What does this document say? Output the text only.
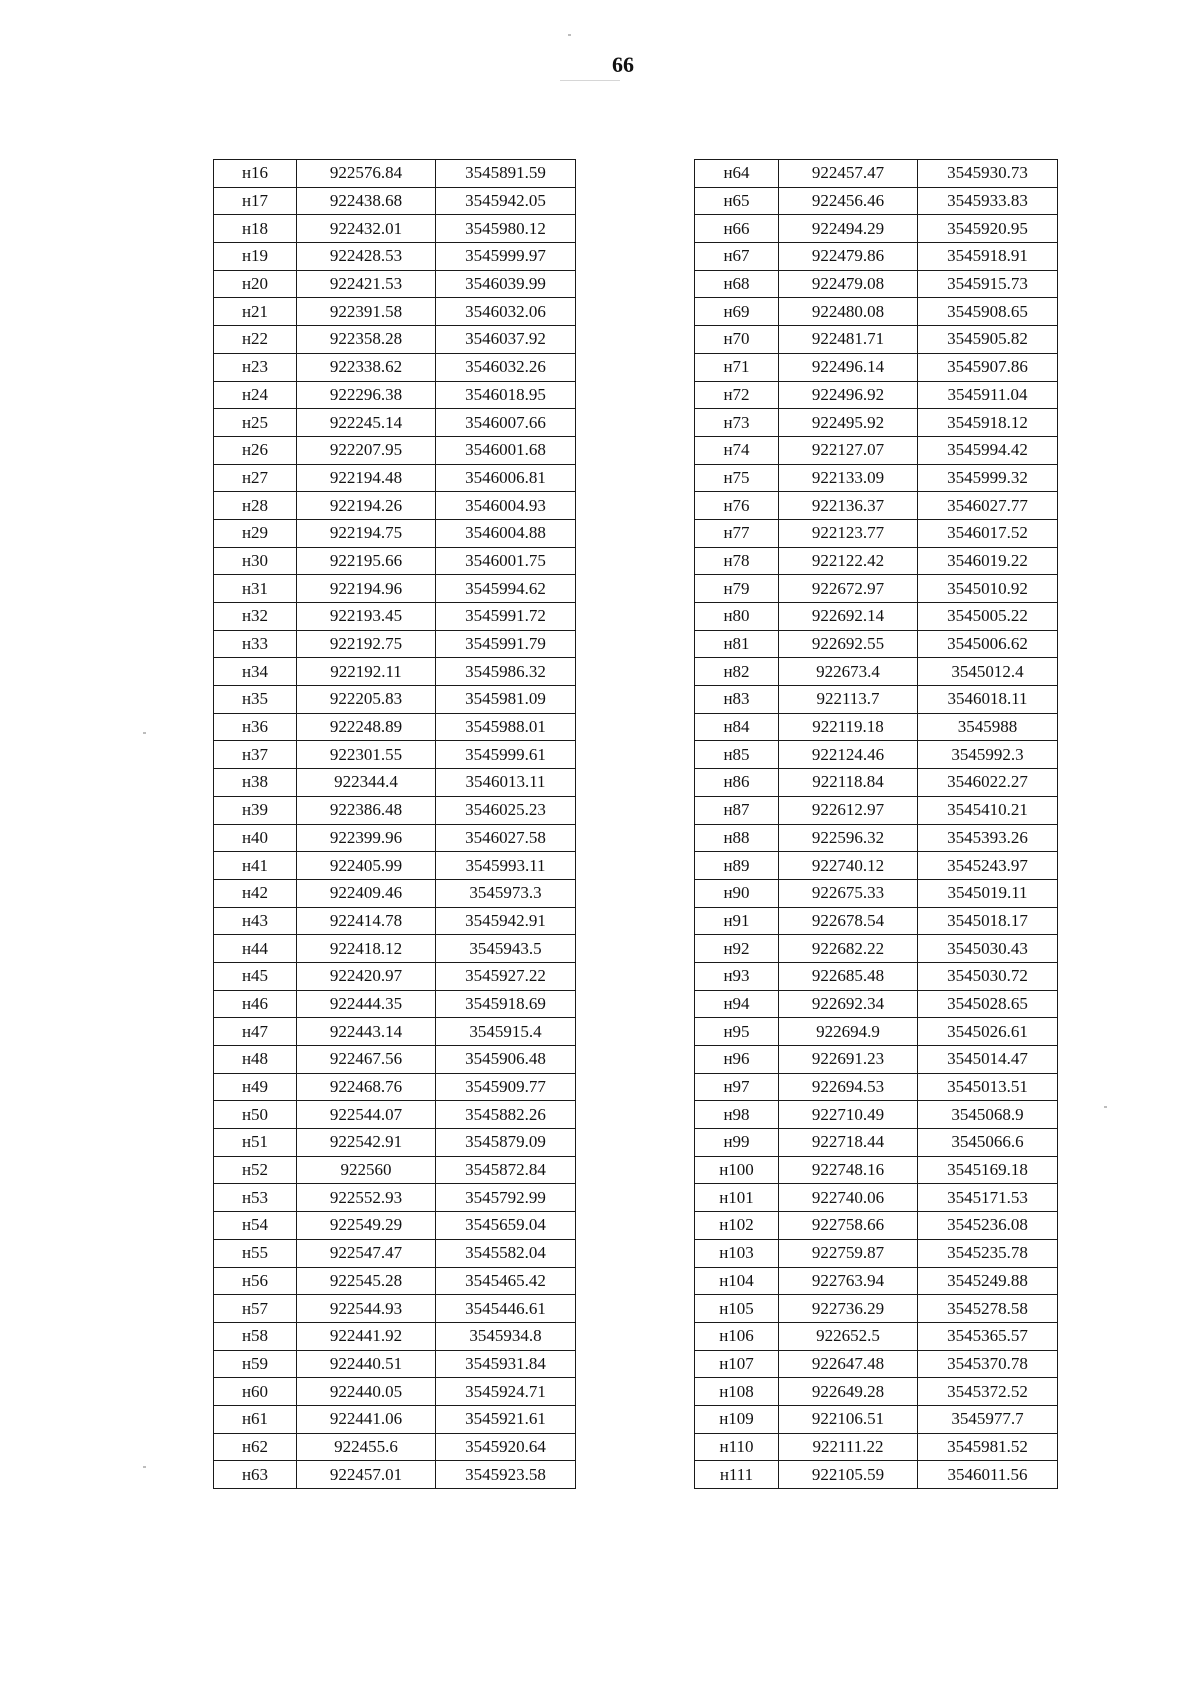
66
н16	922576.84	3545891.59
н17	922438.68	3545942.05
н18	922432.01	3545980.12
н19	922428.53	3545999.97
н20	922421.53	3546039.99
н21	922391.58	3546032.06
н22	922358.28	3546037.92
н23	922338.62	3546032.26
н24	922296.38	3546018.95
н25	922245.14	3546007.66
н26	922207.95	3546001.68
н27	922194.48	3546006.81
н28	922194.26	3546004.93
н29	922194.75	3546004.88
н30	922195.66	3546001.75
н31	922194.96	3545994.62
н32	922193.45	3545991.72
н33	922192.75	3545991.79
н34	922192.11	3545986.32
н35	922205.83	3545981.09
н36	922248.89	3545988.01
н37	922301.55	3545999.61
н38	922344.4	3546013.11
н39	922386.48	3546025.23
н40	922399.96	3546027.58
н41	922405.99	3545993.11
н42	922409.46	3545973.3
н43	922414.78	3545942.91
н44	922418.12	3545943.5
н45	922420.97	3545927.22
н46	922444.35	3545918.69
н47	922443.14	3545915.4
н48	922467.56	3545906.48
н49	922468.76	3545909.77
н50	922544.07	3545882.26
н51	922542.91	3545879.09
н52	922560	3545872.84
н53	922552.93	3545792.99
н54	922549.29	3545659.04
н55	922547.47	3545582.04
н56	922545.28	3545465.42
н57	922544.93	3545446.61
н58	922441.92	3545934.8
н59	922440.51	3545931.84
н60	922440.05	3545924.71
н61	922441.06	3545921.61
н62	922455.6	3545920.64
н63	922457.01	3545923.58
н64	922457.47	3545930.73
н65	922456.46	3545933.83
н66	922494.29	3545920.95
н67	922479.86	3545918.91
н68	922479.08	3545915.73
н69	922480.08	3545908.65
н70	922481.71	3545905.82
н71	922496.14	3545907.86
н72	922496.92	3545911.04
н73	922495.92	3545918.12
н74	922127.07	3545994.42
н75	922133.09	3545999.32
н76	922136.37	3546027.77
н77	922123.77	3546017.52
н78	922122.42	3546019.22
н79	922672.97	3545010.92
н80	922692.14	3545005.22
н81	922692.55	3545006.62
н82	922673.4	3545012.4
н83	922113.7	3546018.11
н84	922119.18	3545988
н85	922124.46	3545992.3
н86	922118.84	3546022.27
н87	922612.97	3545410.21
н88	922596.32	3545393.26
н89	922740.12	3545243.97
н90	922675.33	3545019.11
н91	922678.54	3545018.17
н92	922682.22	3545030.43
н93	922685.48	3545030.72
н94	922692.34	3545028.65
н95	922694.9	3545026.61
н96	922691.23	3545014.47
н97	922694.53	3545013.51
н98	922710.49	3545068.9
н99	922718.44	3545066.6
н100	922748.16	3545169.18
н101	922740.06	3545171.53
н102	922758.66	3545236.08
н103	922759.87	3545235.78
н104	922763.94	3545249.88
н105	922736.29	3545278.58
н106	922652.5	3545365.57
н107	922647.48	3545370.78
н108	922649.28	3545372.52
н109	922106.51	3545977.7
н110	922111.22	3545981.52
н111	922105.59	3546011.56
